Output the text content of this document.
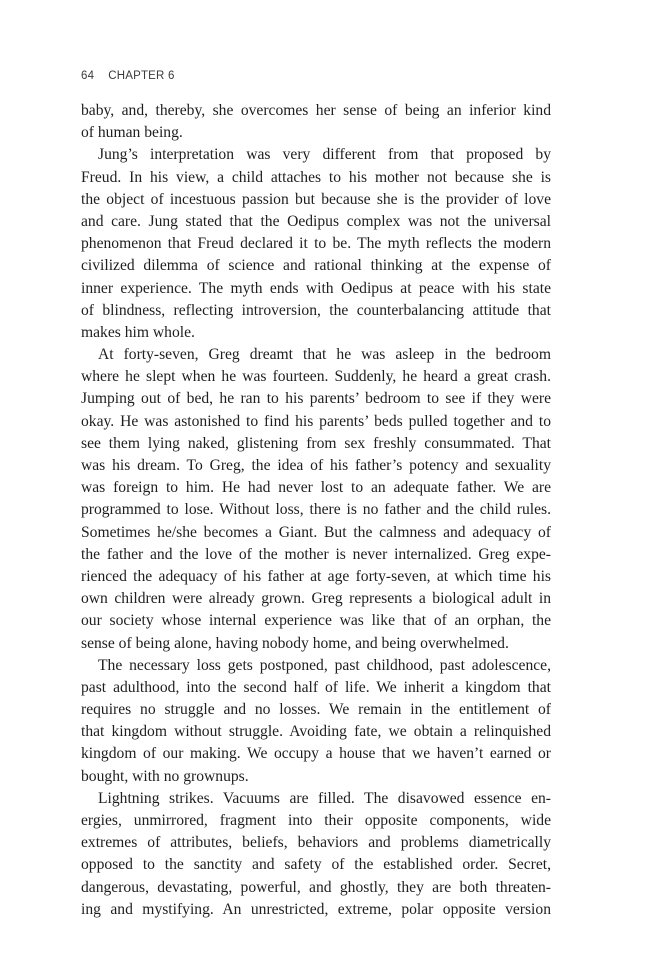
64 CHAPTER 6
baby, and, thereby, she overcomes her sense of being an inferior kind
of human being.
Jung’s interpretation was very different from that proposed by
Freud. In his view, a child attaches to his mother not because she is
the object of incestuous passion but because she is the provider of love
and care. Jung stated that the Oedipus complex was not the universal
phenomenon that Freud declared it to be. The myth reflects the modern
civilized dilemma of science and rational thinking at the expense of
inner experience. The myth ends with Oedipus at peace with his state
of blindness, reflecting introversion, the counterbalancing attitude that
makes him whole.
At forty-seven, Greg dreamt that he was asleep in the bedroom
where he slept when he was fourteen. Suddenly, he heard a great crash.
Jumping out of bed, he ran to his parents’ bedroom to see if they were
okay. He was astonished to find his parents’ beds pulled together and to
see them lying naked, glistening from sex freshly consummated. That
was his dream. To Greg, the idea of his father’s potency and sexuality
was foreign to him. He had never lost to an adequate father. We are
programmed to lose. Without loss, there is no father and the child rules.
Sometimes he/she becomes a Giant. But the calmness and adequacy of
the father and the love of the mother is never internalized. Greg expe-
rienced the adequacy of his father at age forty-seven, at which time his
own children were already grown. Greg represents a biological adult in
our society whose internal experience was like that of an orphan, the
sense of being alone, having nobody home, and being overwhelmed.
The necessary loss gets postponed, past childhood, past adolescence,
past adulthood, into the second half of life. We inherit a kingdom that
requires no struggle and no losses. We remain in the entitlement of
that kingdom without struggle. Avoiding fate, we obtain a relinquished
kingdom of our making. We occupy a house that we haven’t earned or
bought, with no grownups.
Lightning strikes. Vacuums are filled. The disavowed essence en-
ergies, unmirrored, fragment into their opposite components, wide
extremes of attributes, beliefs, behaviors and problems diametrically
opposed to the sanctity and safety of the established order. Secret,
dangerous, devastating, powerful, and ghostly, they are both threaten-
ing and mystifying. An unrestricted, extreme, polar opposite version
